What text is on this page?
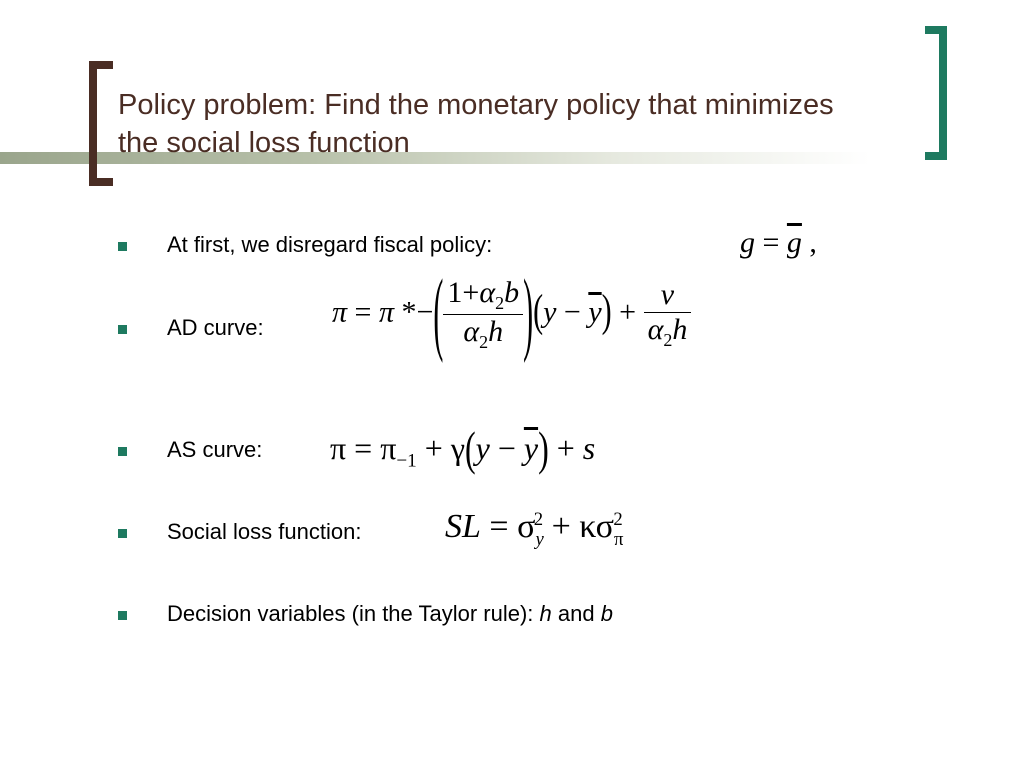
Policy problem: Find the monetary policy that minimizes the social loss function
At first, we disregard fiscal policy:	$g = \overline{g}$ ,
AD curve: π = π *−( $\frac{1+\alpha_2b}{\alpha_2h} )(y - \overline{y}) + \frac{v}{\alpha_2h}$
AS curve: $\pi = \pi_{-1} + \gamma(y - \overline{y}) + s$
Social loss function: SL = $\sigma_y^2 + \kappa\sigma_\pi^2$
Decision variables (in the Taylor rule): h and b
